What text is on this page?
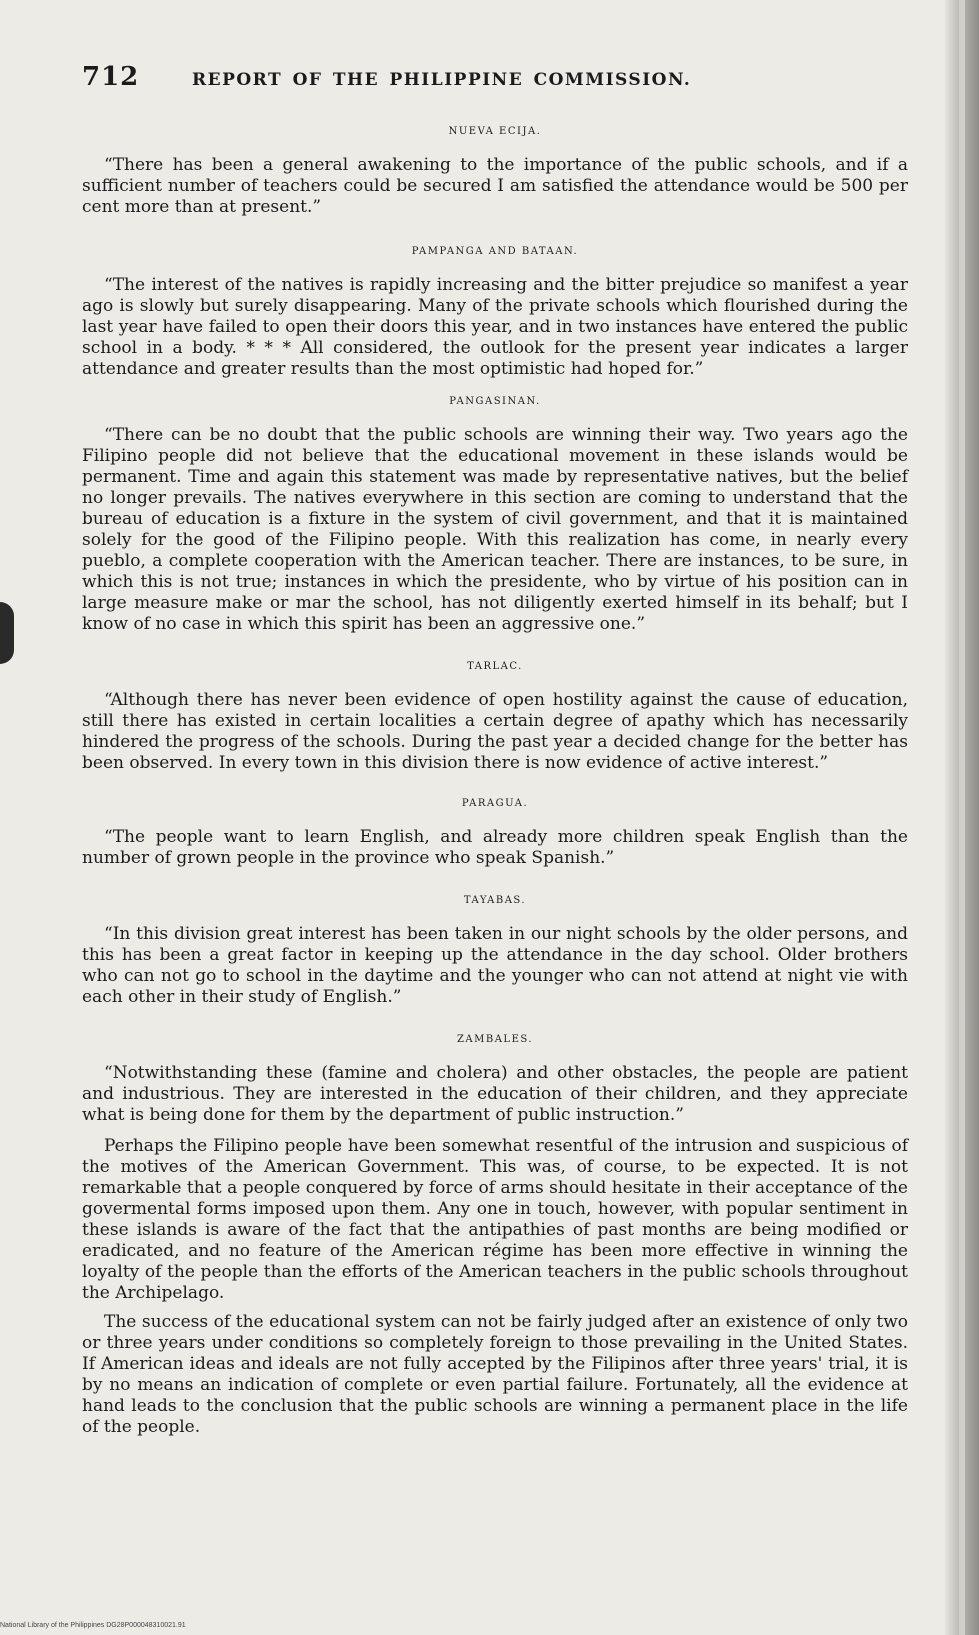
712	REPORT OF THE PHILIPPINE COMMISSION.
NUEVA ECIJA.

“There has been a general awakening to the importance of the public schools, and if a sufficient number of teachers could be secured I am satisfied the attendance would be 500 per cent more than at present.”

PAMPANGA AND BATAAN.

“The interest of the natives is rapidly increasing and the bitter prejudice so manifest a year ago is slowly but surely disappearing. Many of the private schools which flourished during the last year have failed to open their doors this year, and in two instances have entered the public school in a body. * * * All considered, the outlook for the present year indicates a larger attendance and greater results than the most optimistic had hoped for.”

PANGASINAN.

“There can be no doubt that the public schools are winning their way. Two years ago the Filipino people did not believe that the educational movement in these islands would be permanent. Time and again this statement was made by representative natives, but the belief no longer prevails. The natives everywhere in this section are coming to understand that the bureau of education is a fixture in the system of civil government, and that it is maintained solely for the good of the Filipino people. With this realization has come, in nearly every pueblo, a complete cooperation with the American teacher. There are instances, to be sure, in which this is not true; instances in which the presidente, who by virtue of his position can in large measure make or mar the school, has not diligently exerted himself in its behalf; but I know of no case in which this spirit has been an aggressive one.”

TARLAC.

“Although there has never been evidence of open hostility against the cause of education, still there has existed in certain localities a certain degree of apathy which has necessarily hindered the progress of the schools. During the past year a decided change for the better has been observed. In every town in this division there is now evidence of active interest.”

PARAGUA.

“The people want to learn English, and already more children speak English than the number of grown people in the province who speak Spanish.”

TAYABAS.

“In this division great interest has been taken in our night schools by the older persons, and this has been a great factor in keeping up the attendance in the day school. Older brothers who can not go to school in the daytime and the younger who can not attend at night vie with each other in their study of English.”

ZAMBALES.

“Notwithstanding these (famine and cholera) and other obstacles, the people are patient and industrious. They are interested in the education of their children, and they appreciate what is being done for them by the department of public instruction.”

Perhaps the Filipino people have been somewhat resentful of the intrusion and suspicious of the motives of the American Government. This was, of course, to be expected. It is not remarkable that a people conquered by force of arms should hesitate in their acceptance of the govermental forms imposed upon them. Any one in touch, however, with popular sentiment in these islands is aware of the fact that the antipathies of past months are being modified or eradicated, and no feature of the American régime has been more effective in winning the loyalty of the people than the efforts of the American teachers in the public schools throughout the Archipelago.

The success of the educational system can not be fairly judged after an existence of only two or three years under conditions so completely foreign to those prevailing in the United States. If American ideas and ideals are not fully accepted by the Filipinos after three years' trial, it is by no means an indication of complete or even partial failure. Fortunately, all the evidence at hand leads to the conclusion that the public schools are winning a permanent place in the life of the people.

National Library of the Philippines DG28P000048310021.91
